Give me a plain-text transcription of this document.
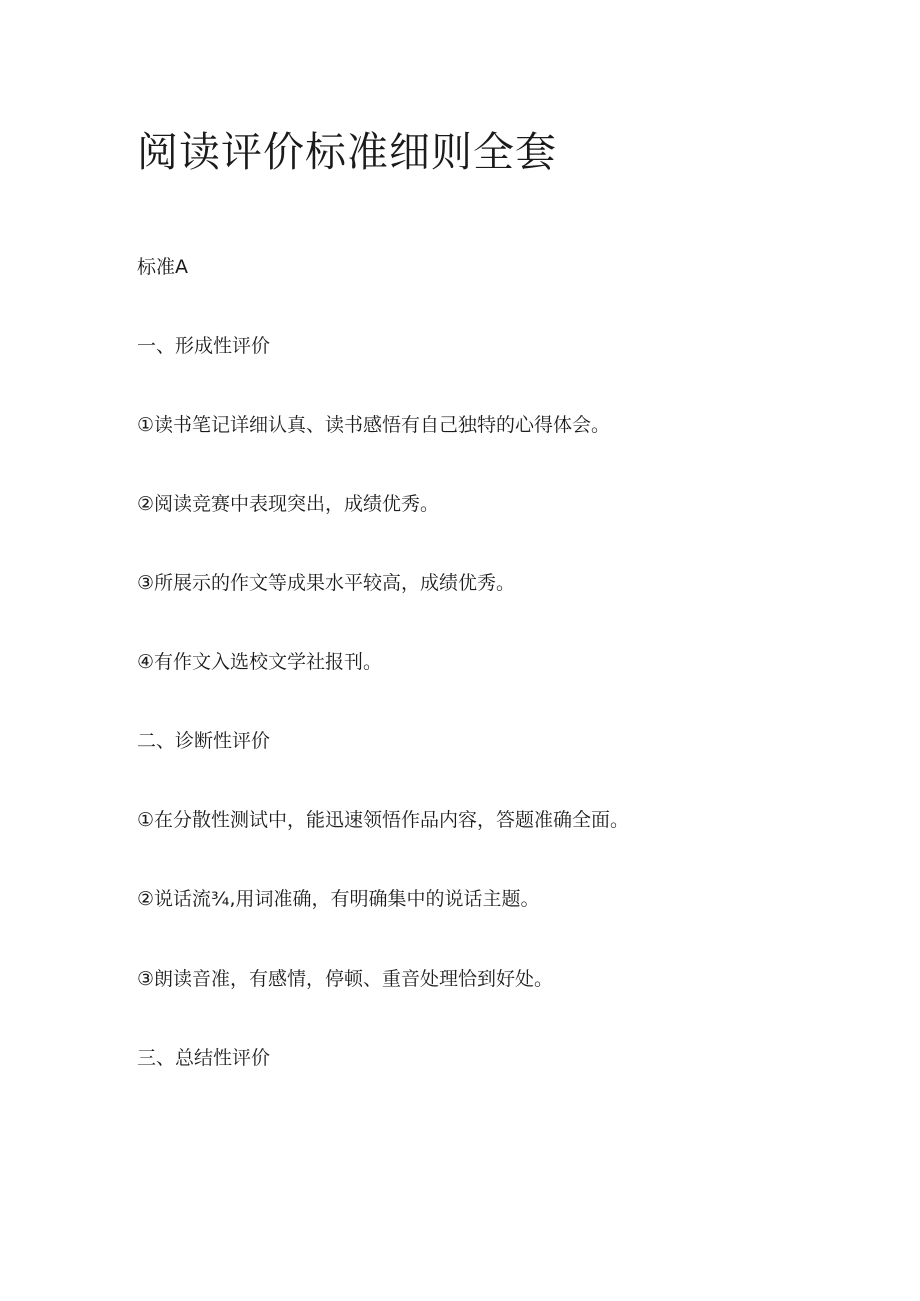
阅读评价标准细则全套

标准A

一、形成性评价

①读书笔记详细认真、读书感悟有自己独特的心得体会。

②阅读竞赛中表现突出，成绩优秀。

③所展示的作文等成果水平较高，成绩优秀。

④有作文入选校文学社报刊。

二、诊断性评价

①在分散性测试中，能迅速领悟作品内容，答题准确全面。

②说话流¾,用词准确，有明确集中的说话主题。

③朗读音准，有感情，停顿、重音处理恰到好处。

三、总结性评价
